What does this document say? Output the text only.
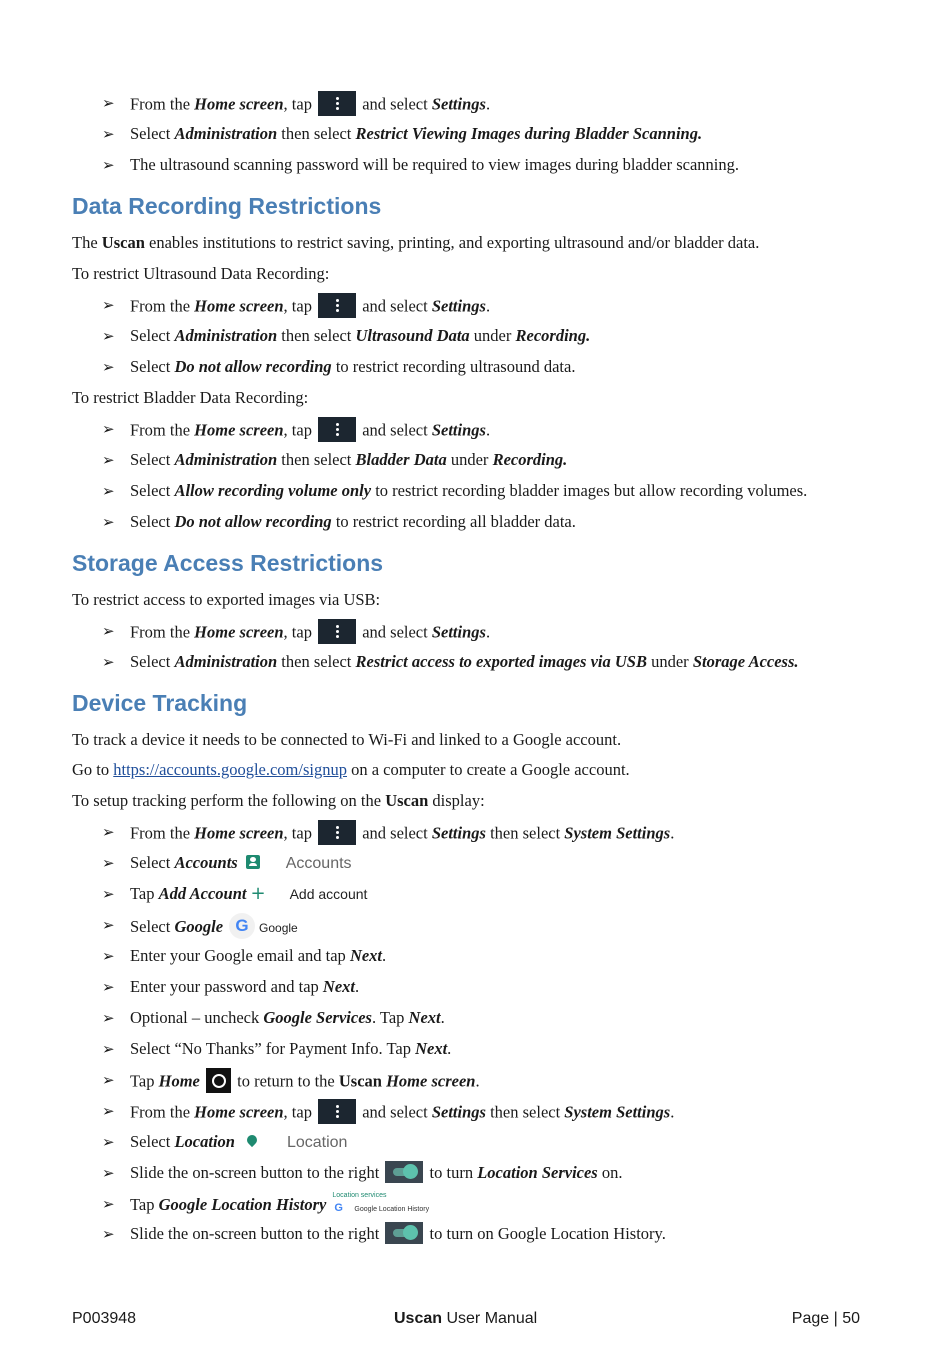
➢ From the Home screen, tap	and select Settings.
➢ Select Administration then select Restrict Viewing Images during Bladder Scanning.
➢ The ultrasound scanning password will be required to view images during bladder scanning.
Data Recording Restrictions
The Uscan enables institutions to restrict saving, printing, and exporting ultrasound and/or bladder data.
To restrict Ultrasound Data Recording:
➢ From the Home screen, tap	and select Settings.
➢ Select Administration then select Ultrasound Data under Recording.
➢ Select Do not allow recording to restrict recording ultrasound data.
To restrict Bladder Data Recording:
➢ From the Home screen, tap	and select Settings.
➢ Select Administration then select Bladder Data under Recording.
➢ Select Allow recording volume only to restrict recording bladder images but allow recording volumes.
➢ Select Do not allow recording to restrict recording all bladder data.
Storage Access Restrictions
To restrict access to exported images via USB:
➢ From the Home screen, tap	and select Settings.
➢ Select Administration then select Restrict access to exported images via USB under Storage Access.
Device Tracking
To track a device it needs to be connected to Wi-Fi and linked to a Google account.
Go to https://accounts.google.com/signup on a computer to create a Google account.
To setup tracking perform the following on the Uscan display:
➢ From the Home screen, tap	and select Settings then select System Settings.
➢ Select Accounts	Accounts
➢ Tap Add Account + Add account
➢ Select Google G Google
➢ Enter your Google email and tap Next.
➢ Enter your password and tap Next.
➢ Optional – uncheck Google Services. Tap Next.
➢ Select “No Thanks” for Payment Info. Tap Next.
➢ Tap Home  to return to the Uscan Home screen.
➢ From the Home screen, tap	and select Settings then select System Settings.
➢ Select Location	Location
➢ Slide the on-screen button to the right	to turn Location Services on.
➢ Tap Google Location History Location services
G Google Location History
➢ Slide the on-screen button to the right	to turn on Google Location History.
P003948	Uscan User Manual	Page | 50
